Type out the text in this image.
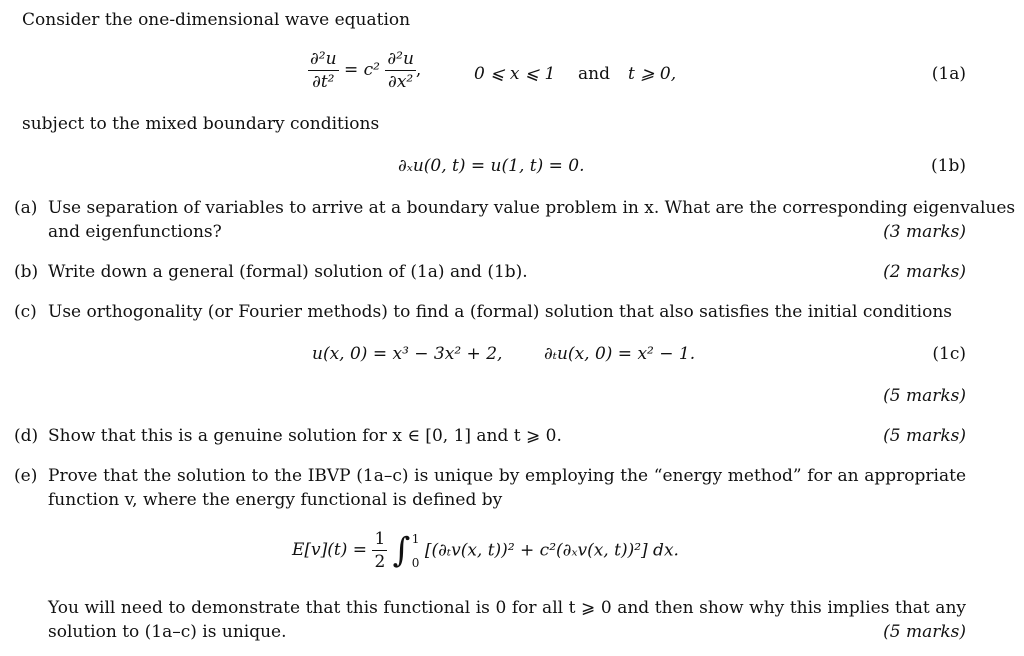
Consider the one-dimensional wave equation
$\frac{\text{∂²u}}{\text{∂t²}} = c^2 \frac{\text{∂²u}}{\text{∂x²}}$ ,	0 ⩽ x ⩽ 1 and t ⩾ 0,	(1a)
subject to the mixed boundary conditions
∂ₓu(0, t) = u(1, t) = 0.	(1b)
(a) Use separation of variables to arrive at a boundary value problem in x. What are the corresponding eigenvalues
and eigenfunctions?	(3 marks)
(b) Write down a general (formal) solution of (1a) and (1b).	(2 marks)
(c) Use orthogonality (or Fourier methods) to find a (formal) solution that also satisfies the initial conditions
u(x, 0) = x³ − 3x² + 2, ∂ₜu(x, 0) = x² − 1.	(1c)
(5 marks)
(d) Show that this is a genuine solution for x ∈ [0, 1] and t ⩾ 0.	(5 marks)
(e) Prove that the solution to the IBVP (1a–c) is unique by employing the “energy method” for an appropriate
function v, where the energy functional is defined by
$E[v](t) = \frac{1}{2}$ ∫ 1
0
[(∂ₜv(x, t))² + c²(∂ₓv(x, t))²] dx.
You will need to demonstrate that this functional is 0 for all t ⩾ 0 and then show why this implies that any
solution to (1a–c) is unique.	(5 marks)
